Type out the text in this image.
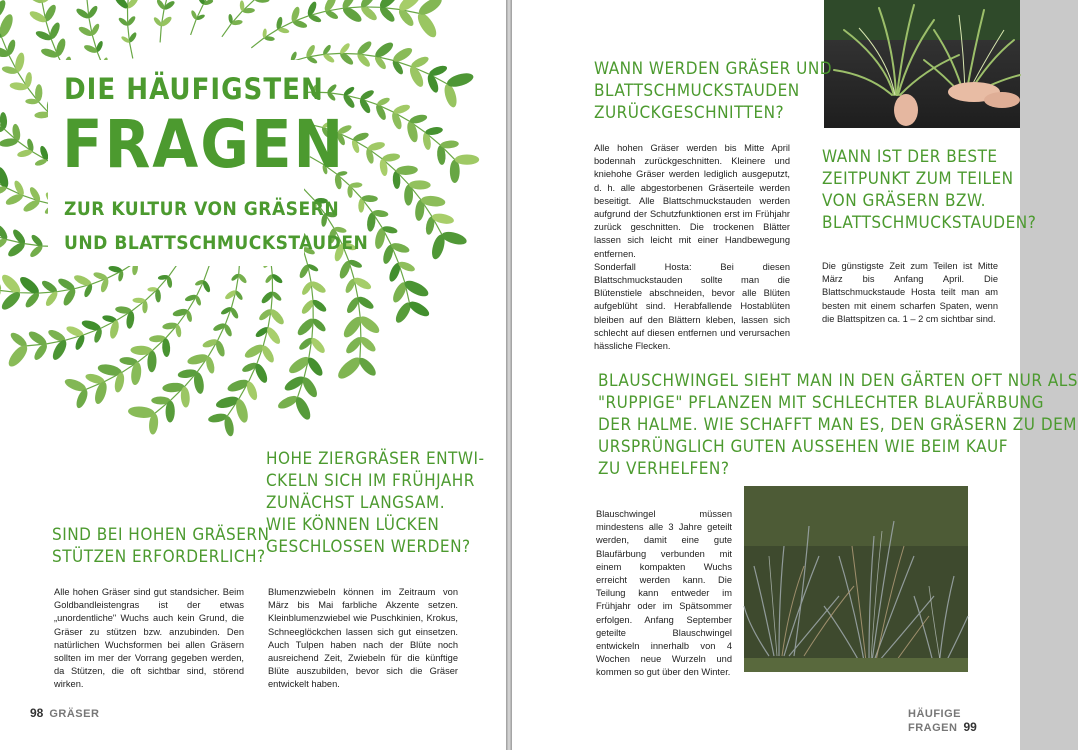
DIE HÄUFIGSTEN
FRAGEN
ZUR KULTUR VON GRÄSERN
UND BLATTSCHMUCKSTAUDEN
SIND BEI HOHEN GRÄSERN
STÜTZEN ERFORDERLICH?
Alle hohen Gräser sind gut standsicher. Beim Goldbandleistengras ist der etwas „unordentliche" Wuchs auch kein Grund, die Gräser zu stützen bzw. anzubinden. Den natürlichen Wuchsformen bei allen Gräsern sollten im mer der Vorrang gegeben werden, da Stützen, die oft sichtbar sind, störend wirken.
HOHE ZIERGRÄSER ENTWI-
CKELN SICH IM FRÜHJAHR
ZUNÄCHST LANGSAM.
WIE KÖNNEN LÜCKEN
GESCHLOSSEN WERDEN?
Blumenzwiebeln können im Zeitraum von März bis Mai farbliche Akzente setzen. Kleinblumenzwiebel wie Puschkinien, Krokus, Schneeglöckchen lassen sich gut einsetzen. Auch Tulpen haben nach der Blüte noch ausreichend Zeit, Zwiebeln für die künftige Blüte auszubilden, bevor sich die Gräser entwickelt haben.
98 GRÄSER
WANN WERDEN GRÄSER UND
BLATTSCHMUCKSTAUDEN
ZURÜCKGESCHNITTEN?

Alle hohen Gräser werden bis Mitte April bodennah zurückgeschnitten. Kleinere und kniehohe Gräser werden lediglich ausgeputzt, d. h. alle abgestorbenen Gräserteile werden beseitigt. Alle Blattschmuckstauden werden aufgrund der Schutzfunktionen erst im Frühjahr zurück geschnitten. Die trockenen Blätter lassen sich leicht mit einer Handbewegung entfernen.

Sonderfall Hosta: Bei diesen Blattschmuckstauden sollte man die Blütenstiele abschneiden, bevor alle Blüten aufgeblüht sind. Herabfallende Hostablüten bleiben auf den Blättern kleben, lassen sich schlecht auf diesen entfernen und verursachen hässliche Flecken.

WANN IST DER BESTE
ZEITPUNKT ZUM TEILEN
VON GRÄSERN BZW.
BLATTSCHMUCKSTAUDEN?
Die günstigste Zeit zum Teilen ist Mitte März bis Anfang April. Die Blattschmuckstaude Hosta teilt man am besten mit einem scharfen Spaten, wenn die Blattspitzen ca. 1 – 2 cm sichtbar sind.
BLAUSCHWINGEL SIEHT MAN IN DEN GÄRTEN OFT NUR ALS
"RUPPIGE" PFLANZEN MIT SCHLECHTER BLAUFÄRBUNG
DER HALME. WIE SCHAFFT MAN ES, DEN GRÄSERN ZU DEM
URSPRÜNGLICH GUTEN AUSSEHEN WIE BEIM KAUF
ZU VERHELFEN?
Blauschwingel müssen mindestens alle 3 Jahre geteilt werden, damit eine gute Blaufärbung verbunden mit einem kompakten Wuchs erreicht werden kann. Die Teilung kann entweder im Frühjahr oder im Spätsommer erfolgen. Anfang September geteilte Blauschwingel entwickeln innerhalb von 4 Wochen neue Wurzeln und kommen so gut über den Winter.
HÄUFIGE FRAGEN 99
